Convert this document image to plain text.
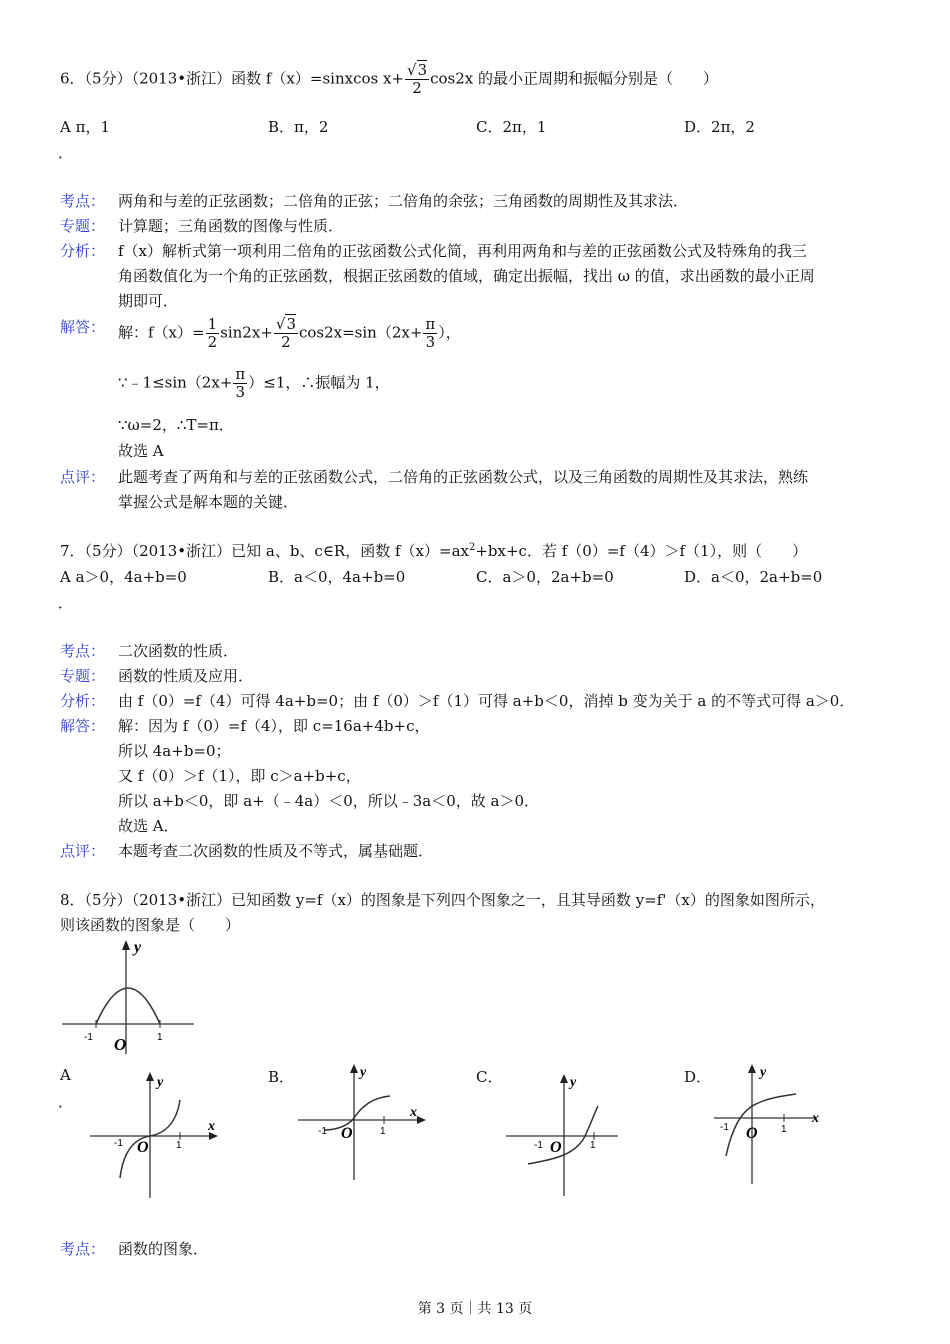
6．（5分）（2013•浙江）函数 f（x）=sinxcos $x+ \frac{√3}{2} \cos 2x$ 的最小正周期和振幅分别是（　　）
A π，1	B．π，2	C．2π，1	D．2π，2
．
考点： 两角和与差的正弦函数；二倍角的正弦；二倍角的余弦；三角函数的周期性及其求法．
专题： 计算题；三角函数的图像与性质．
分析： f（x）解析式第一项利用二倍角的正弦函数公式化简，再利用两角和与差的正弦函数公式及特殊角的我三
角函数值化为一个角的正弦函数，根据正弦函数的值域，确定出振幅，找出 ω 的值，求出函数的最小正周
期即可．
解答： 解：$f(x)= \frac{1}{2} \sin 2x+ \frac{√3}{2} \cos 2x=\sin(2x+ \frac{\pi}{3}$ ），
∵﹣1≤sin（2x+ $\frac{\pi}{3} )\le 1$，∴振幅为 1，
∵ω=2，∴T=π．
故选 A
点评： 此题考查了两角和与差的正弦函数公式，二倍角的正弦函数公式，以及三角函数的周期性及其求法，熟练
掌握公式是解本题的关键．
7．（5分）（2013•浙江）已知 a、b、c∈R，函数 $f(x)=ax^2+bx+c$．若 f（0）=f（4）＞f（1），则（　　）
A a＞0，4a+b=0	B．a＜0，4a+b=0	C．a＞0，2a+b=0	D．a＜0，2a+b=0
．
考点： 二次函数的性质．
专题： 函数的性质及应用．
分析： 由 f（0）=f（4）可得 4a+b=0；由 f（0）＞f（1）可得 a+b＜0，消掉 b 变为关于 a 的不等式可得 a＞0．
解答： 解：因为 f（0）=f（4），即 c=16a+4b+c，
所以 4a+b=0；
又 f（0）＞f（1），即 c＞a+b+c，
所以 a+b＜0，即 a+（﹣4a）＜0，所以﹣3a＜0，故 a＞0．
故选 A．
点评： 本题考查二次函数的性质及不等式，属基础题．
8．（5分）（2013•浙江）已知函数 y=f（x）的图象是下列四个图象之一，且其导函数 y=f'（x）的图象如图所示，
则该函数的图象是（　　）
y
-1	1
O
A	B．	C．	D．
．
y
x
-1	1
O
y
x
-1	1
O
y
-1	1
O
y
x
-1	1
O
考点： 函数的图象．
第 3 页｜共 13 页
